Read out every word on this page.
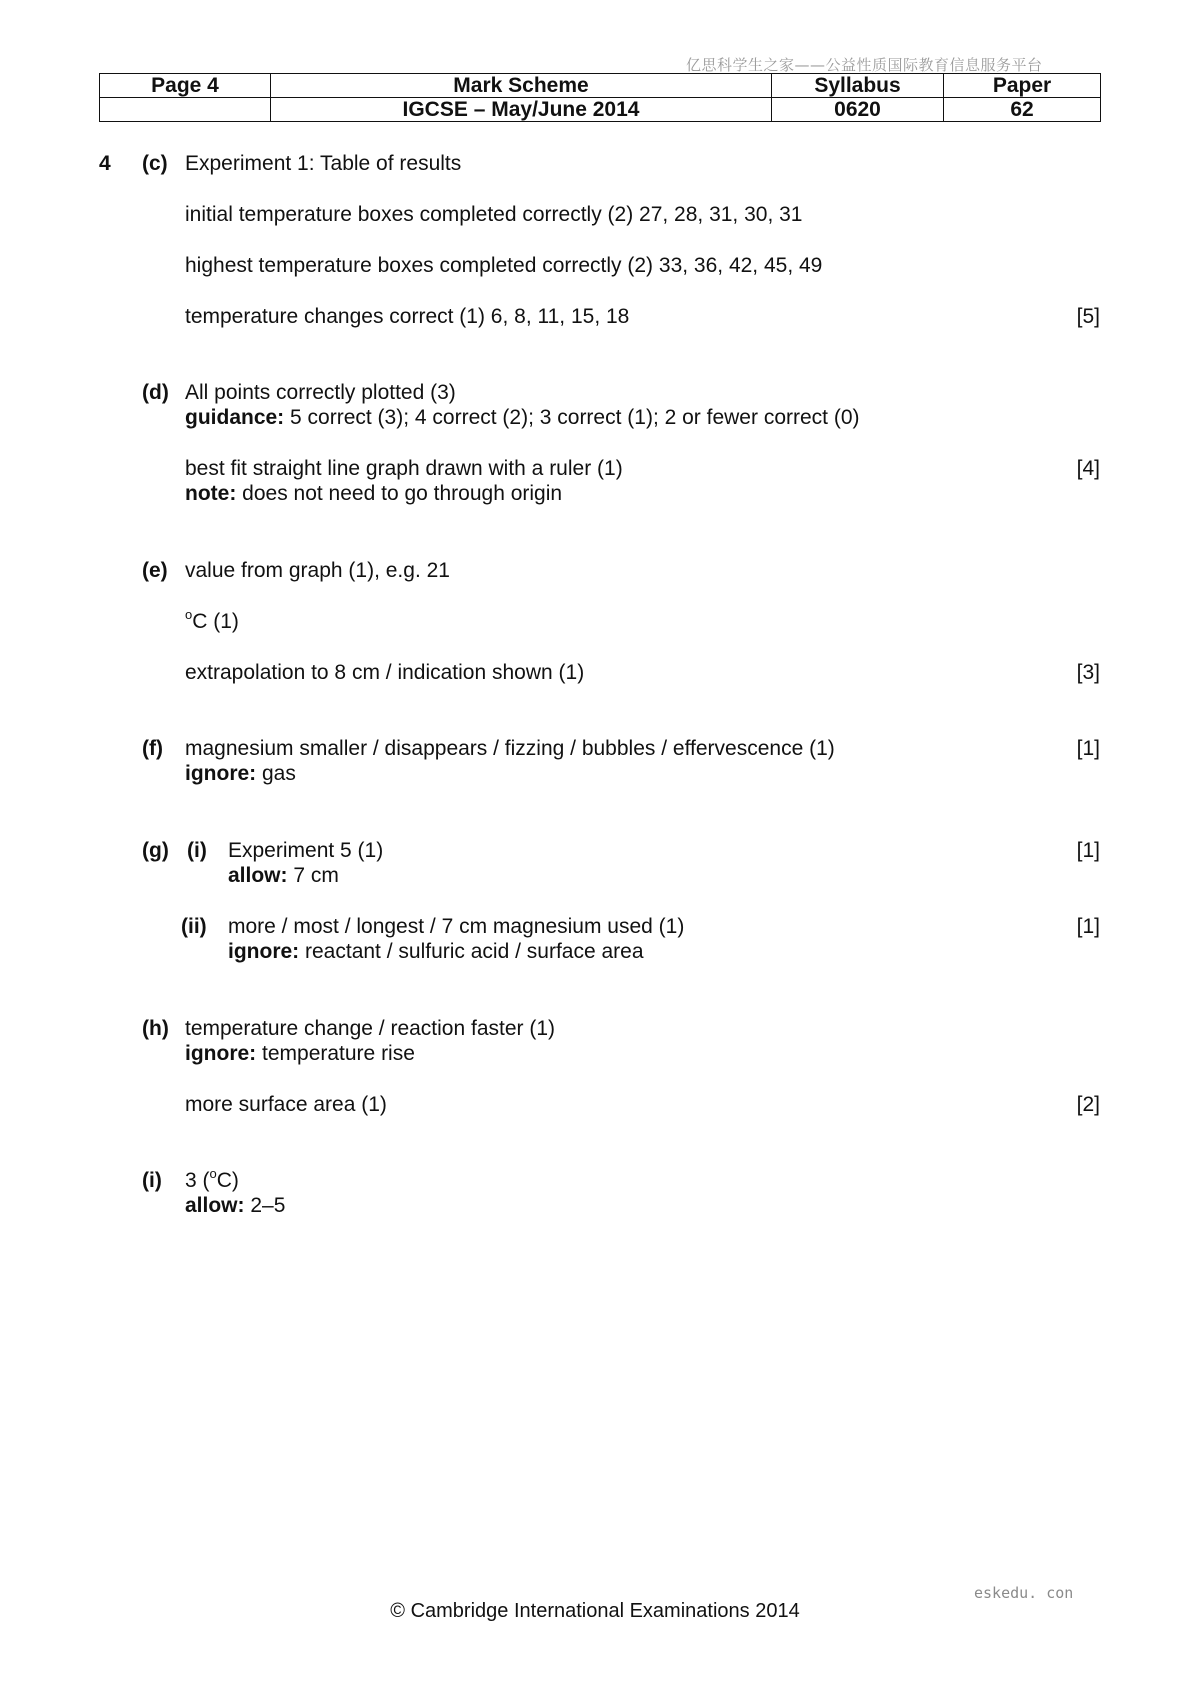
亿思科学生之家——公益性质国际教育信息服务平台
Page 4	Mark Scheme	Syllabus	Paper
	IGCSE – May/June 2014	0620	62
4 (c) Experiment 1: Table of results
initial temperature boxes completed correctly (2) 27, 28, 31, 30, 31
highest temperature boxes completed correctly (2) 33, 36, 42, 45, 49
temperature changes correct (1) 6, 8, 11, 15, 18	[5]
(d) All points correctly plotted (3)
guidance: 5 correct (3); 4 correct (2); 3 correct (1); 2 or fewer correct (0)
best fit straight line graph drawn with a ruler (1)	[4]
note: does not need to go through origin
(e) value from graph (1), e.g. 21
$^o$C (1)
extrapolation to 8 cm / indication shown (1)	[3]
(f) magnesium smaller / disappears / fizzing / bubbles / effervescence (1)	[1]
ignore: gas
(g) (i) Experiment 5 (1)	[1]
allow: 7 cm
(ii) more / most / longest / 7 cm magnesium used (1)	[1]
ignore: reactant / sulfuric acid / surface area
(h) temperature change / reaction faster (1)
ignore: temperature rise
more surface area (1)	[2]
(i) 3 ($^o$C)
allow: 2–5
eskedu. con
© Cambridge International Examinations 2014
